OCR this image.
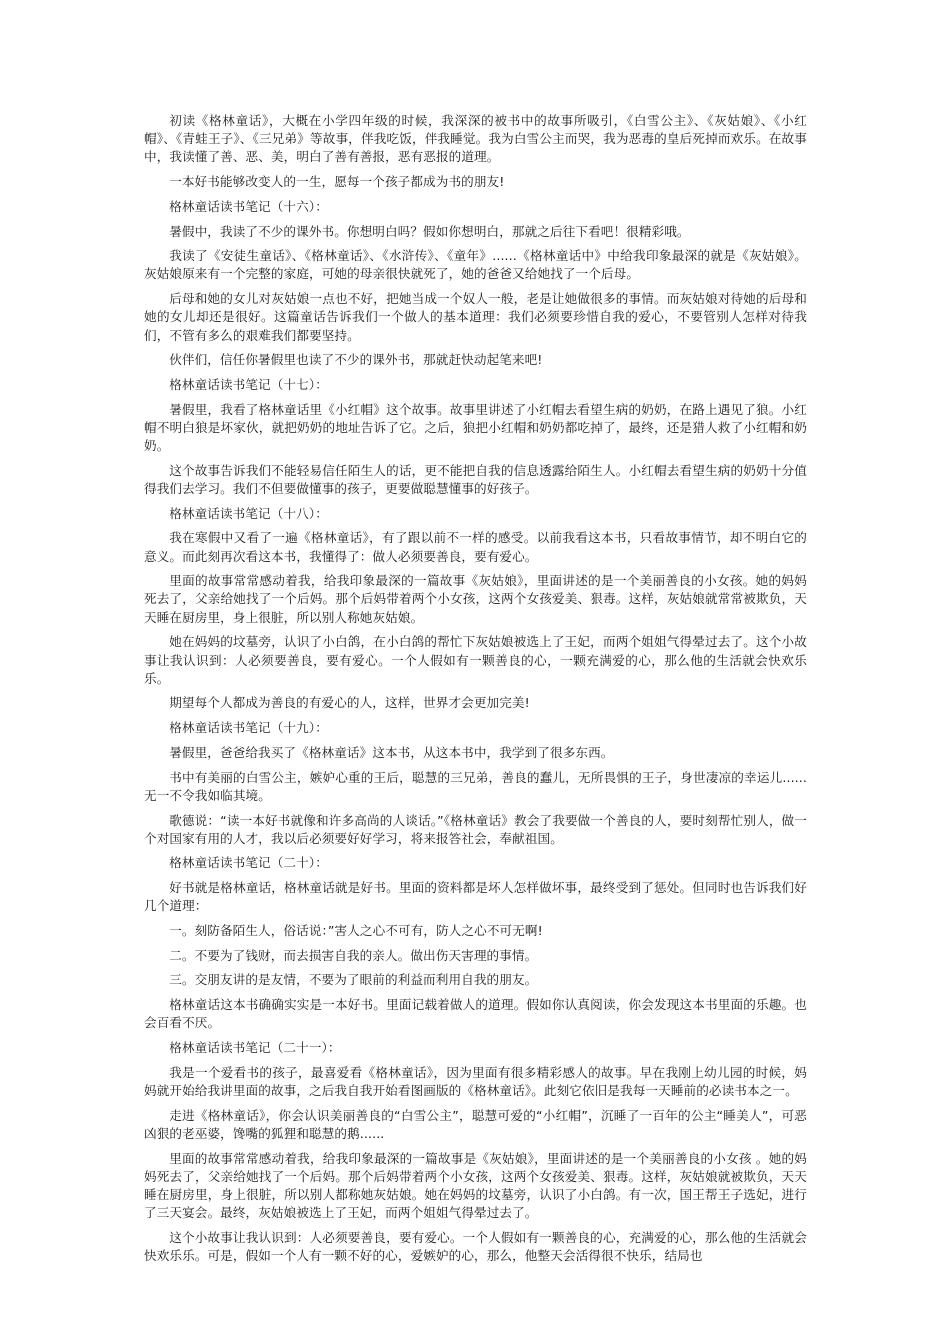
初读《格林童话》，大概在小学四年级的时候，我深深的被书中的故事所吸引，《白雪公主》、《灰姑娘》、《小红帽》、《青蛙王子》、《三兄弟》等故事，伴我吃饭，伴我睡觉。我为白雪公主而哭，我为恶毒的皇后死掉而欢乐。在故事中，我读懂了善、恶、美，明白了善有善报，恶有恶报的道理。

一本好书能够改变人的一生，愿每一个孩子都成为书的朋友!

格林童话读书笔记（十六）：

暑假中，我读了不少的课外书。你想明白吗？假如你想明白，那就之后往下看吧！很精彩哦。

我读了《安徒生童话》、《格林童话》、《水浒传》、《童年》......《格林童话中》中给我印象最深的就是《灰姑娘》。灰姑娘原来有一个完整的家庭，可她的母亲很快就死了，她的爸爸又给她找了一个后母。

后母和她的女儿对灰姑娘一点也不好，把她当成一个奴人一般，老是让她做很多的事情。而灰姑娘对待她的后母和她的女儿却还是很好。这篇童话告诉我们一个做人的基本道理：我们必须要珍惜自我的爱心，不要管别人怎样对待我们，不管有多么的艰难我们都要坚持。

伙伴们，信任你暑假里也读了不少的课外书，那就赶快动起笔来吧!

格林童话读书笔记（十七）：

暑假里，我看了格林童话里《小红帽》这个故事。故事里讲述了小红帽去看望生病的奶奶，在路上遇见了狼。小红帽不明白狼是坏家伙，就把奶奶的地址告诉了它。之后，狼把小红帽和奶奶都吃掉了，最终，还是猎人救了小红帽和奶奶。

这个故事告诉我们不能轻易信任陌生人的话，更不能把自我的信息透露给陌生人。小红帽去看望生病的奶奶十分值得我们去学习。我们不但要做懂事的孩子，更要做聪慧懂事的好孩子。

格林童话读书笔记（十八）：

我在寒假中又看了一遍《格林童话》，有了跟以前不一样的感受。以前我看这本书，只看故事情节，却不明白它的意义。而此刻再次看这本书，我懂得了：做人必须要善良，要有爱心。

里面的故事常常感动着我，给我印象最深的一篇故事《灰姑娘》，里面讲述的是一个美丽善良的小女孩。她的妈妈死去了，父亲给她找了一个后妈。那个后妈带着两个小女孩，这两个女孩爱美、狠毒。这样，灰姑娘就常常被欺负，天天睡在厨房里，身上很脏，所以别人称她灰姑娘。

她在妈妈的坟墓旁，认识了小白鸽，在小白鸽的帮忙下灰姑娘被选上了王妃，而两个姐姐气得晕过去了。这个小故事让我认识到：人必须要善良，要有爱心。一个人假如有一颗善良的心，一颗充满爱的心，那么他的生活就会快欢乐乐。

期望每个人都成为善良的有爱心的人，这样，世界才会更加完美!

格林童话读书笔记（十九）：

暑假里，爸爸给我买了《格林童话》这本书，从这本书中，我学到了很多东西。

书中有美丽的白雪公主，嫉妒心重的王后，聪慧的三兄弟，善良的蠢儿，无所畏惧的王子，身世凄凉的幸运儿......无一不令我如临其境。

歌德说：“读一本好书就像和许多高尚的人谈话。”《格林童话》教会了我要做一个善良的人，要时刻帮忙别人，做一个对国家有用的人才，我以后必须要好好学习，将来报答社会，奉献祖国。

格林童话读书笔记（二十）：

好书就是格林童话，格林童话就是好书。里面的资料都是坏人怎样做坏事，最终受到了惩处。但同时也告诉我们好几个道理：

一。刻防备陌生人，俗话说：”害人之心不可有，防人之心不可无啊!

二。不要为了钱财，而去损害自我的亲人。做出伤天害理的事情。

三。交朋友讲的是友情，不要为了眼前的利益而利用自我的朋友。

格林童话这本书确确实实是一本好书。里面记载着做人的道理。假如你认真阅读，你会发现这本书里面的乐趣。也会百看不厌。

格林童话读书笔记（二十一）：

我是一个爱看书的孩子，最喜爱看《格林童话》，因为里面有很多精彩感人的故事。早在我刚上幼儿园的时候，妈妈就开始给我讲里面的故事，之后我自我开始看图画版的《格林童话》。此刻它依旧是我每一天睡前的必读书本之一。

走进《格林童话》，你会认识美丽善良的“白雪公主”，聪慧可爱的“小红帽”，沉睡了一百年的公主“睡美人”，可恶凶狠的老巫婆，馋嘴的狐狸和聪慧的鹅......

里面的故事常常感动着我，给我印象最深的一篇故事是《灰姑娘》，里面讲述的是一个美丽善良的小女孩 。她的妈妈死去了，父亲给她找了一个后妈。那个后妈带着两个小女孩，这两个女孩爱美、狠毒。这样，灰姑娘就被欺负，天天睡在厨房里，身上很脏，所以别人都称她灰姑娘。她在妈妈的坟墓旁，认识了小白鸽。有一次，国王帮王子选妃，进行了三天宴会。最终，灰姑娘被选上了王妃，而两个姐姐气得晕过去了。

这个小故事让我认识到：人必须要善良，要有爱心。一个人假如有一颗善良的心，充满爱的心，那么他的生活就会快欢乐乐。可是，假如一个人有一颗不好的心，爱嫉妒的心，那么，他整天会活得很不快乐，结局也
